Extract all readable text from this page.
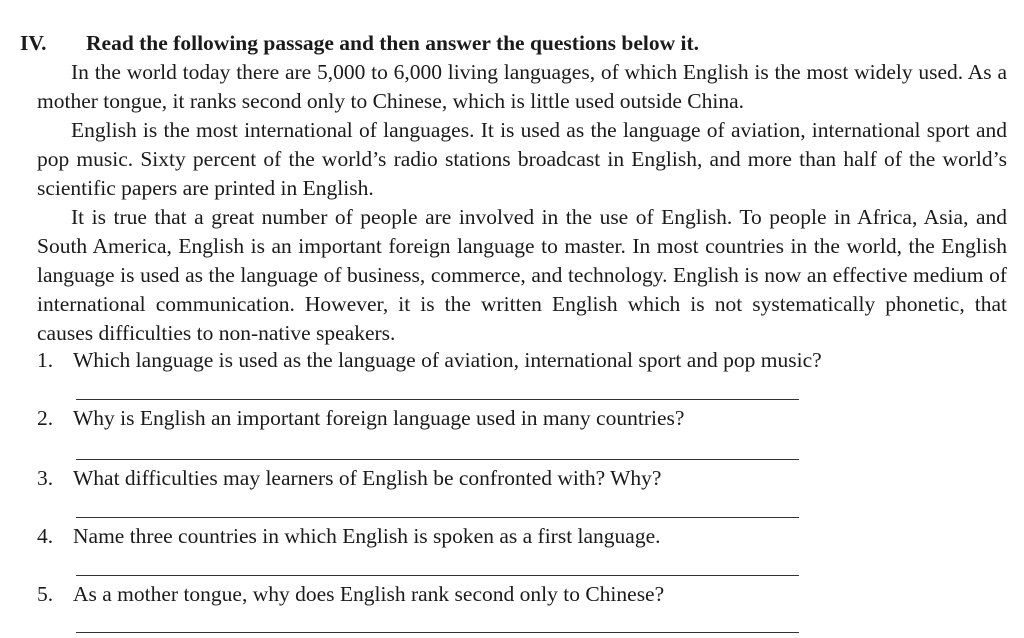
IV. Read the following passage and then answer the questions below it.

In the world today there are 5,000 to 6,000 living languages, of which English is the most widely used. As a mother tongue, it ranks second only to Chinese, which is little used outside China.

English is the most international of languages. It is used as the language of aviation, international sport and pop music. Sixty percent of the world’s radio stations broadcast in English, and more than half of the world’s scientific papers are printed in English.

It is true that a great number of people are involved in the use of English. To people in Africa, Asia, and South America, English is an important foreign language to master. In most countries in the world, the English language is used as the language of business, commerce, and technology. English is now an effective medium of international communication. However, it is the written English which is not systematically phonetic, that causes difficulties to non-native speakers.

1. Which language is used as the language of aviation, international sport and pop music?
2. Why is English an important foreign language used in many countries?
3. What difficulties may learners of English be confronted with? Why?
4. Name three countries in which English is spoken as a first language.
5. As a mother tongue, why does English rank second only to Chinese?
